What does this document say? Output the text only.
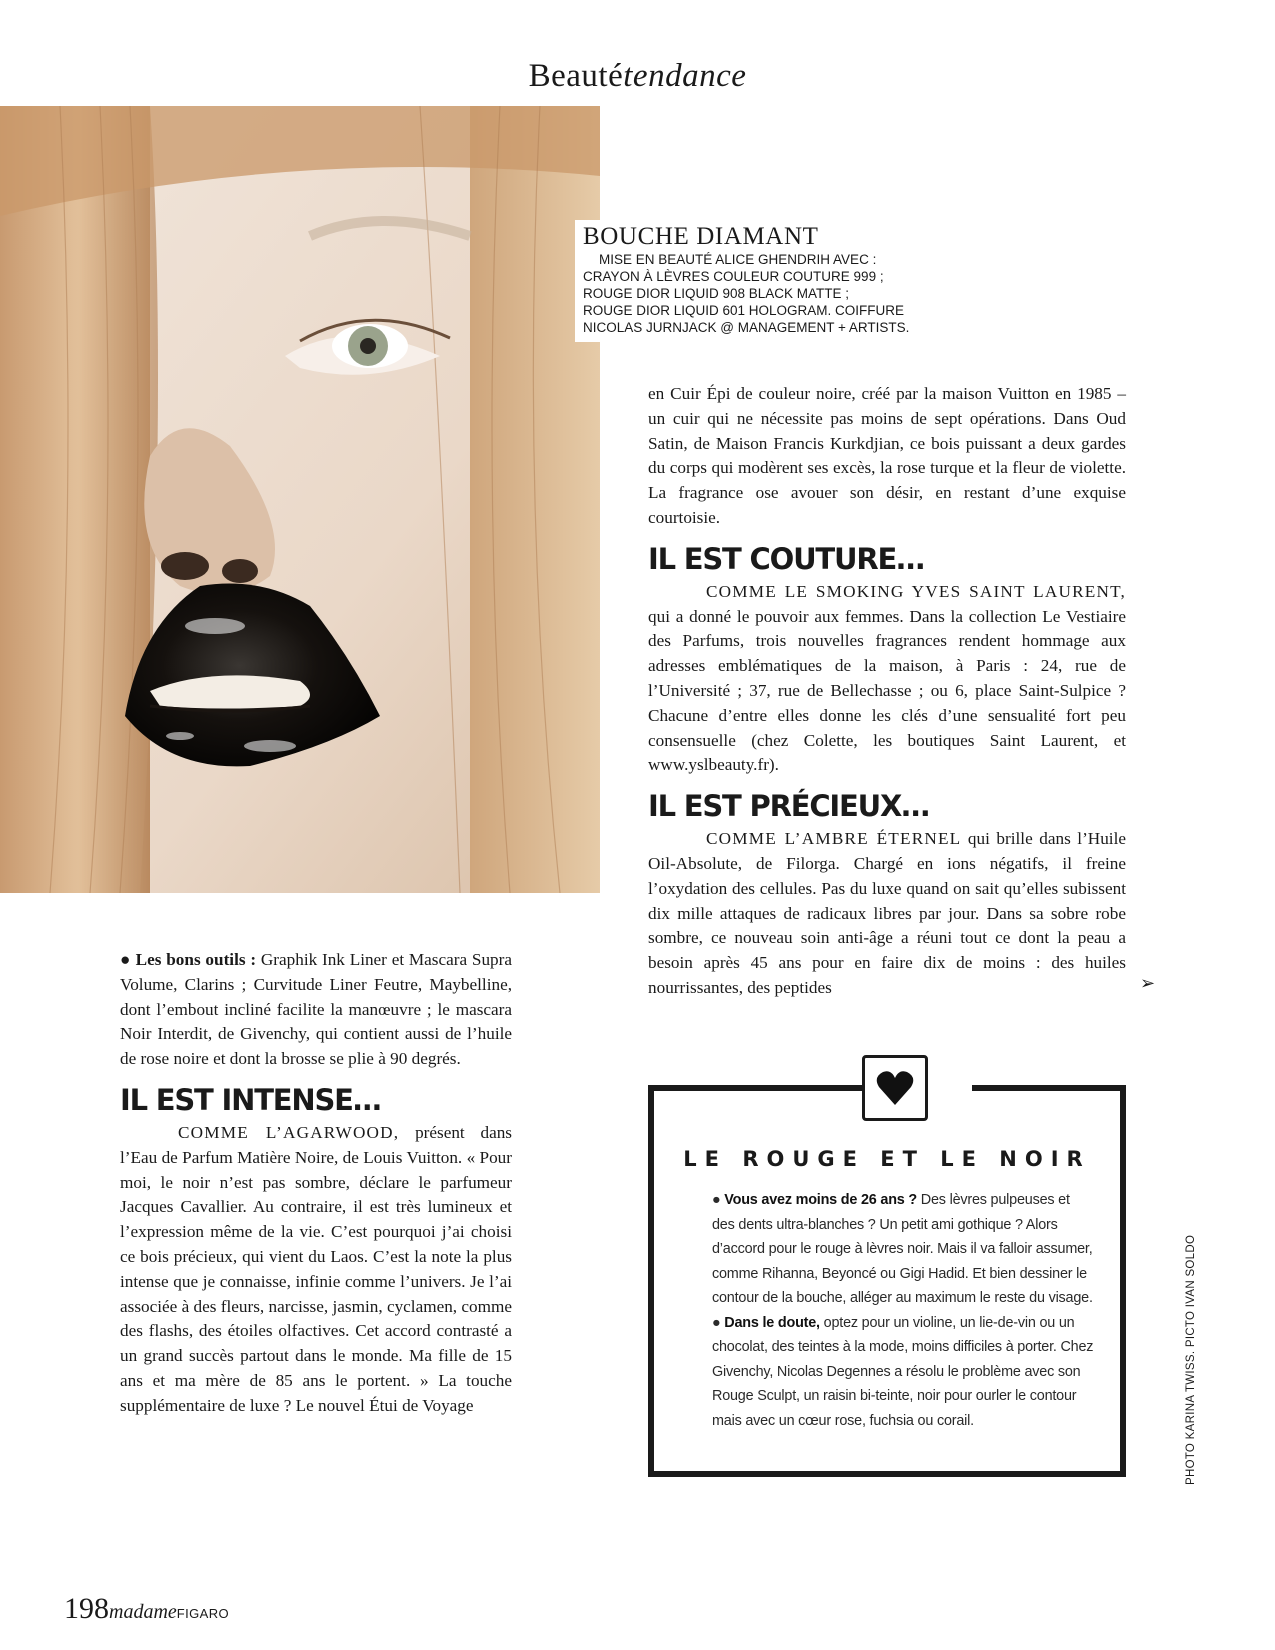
Beautétendance
BOUCHE DIAMANT
MISE EN BEAUTÉ ALICE GHENDRIH AVEC :
CRAYON À LÈVRES COULEUR COUTURE 999 ;
ROUGE DIOR LIQUID 908 BLACK MATTE ;
ROUGE DIOR LIQUID 601 HOLOGRAM. COIFFURE
NICOLAS JURNJACK @ MANAGEMENT + ARTISTS.

● Les bons outils : Graphik Ink Liner et Mascara Supra Volume, Clarins ; Curvitude Liner Feutre, Maybelline, dont l’embout incliné facilite la manœuvre ; le mascara Noir Interdit, de Givenchy, qui contient aussi de l’huile de rose noire et dont la brosse se plie à 90 degrés.

IL EST INTENSE…

COMME L’AGARWOOD, présent dans l’Eau de Parfum Matière Noire, de Louis Vuitton. « Pour moi, le noir n’est pas sombre, déclare le parfumeur Jacques Cavallier. Au contraire, il est très lumineux et l’expression même de la vie. C’est pourquoi j’ai choisi ce bois précieux, qui vient du Laos. C’est la note la plus intense que je connaisse, infinie comme l’univers. Je l’ai associée à des fleurs, narcisse, jasmin, cyclamen, comme des flashs, des étoiles olfactives. Cet accord contrasté a un grand succès partout dans le monde. Ma fille de 15 ans et ma mère de 85 ans le portent. » La touche supplémentaire de luxe ? Le nouvel Étui de Voyage

en Cuir Épi de couleur noire, créé par la maison Vuitton en 1985 – un cuir qui ne nécessite pas moins de sept opérations. Dans Oud Satin, de Maison Francis Kurkdjian, ce bois puissant a deux gardes du corps qui modèrent ses excès, la rose turque et la fleur de violette. La fragrance ose avouer son désir, en restant d’une exquise courtoisie.

IL EST COUTURE…

COMME LE SMOKING YVES SAINT LAURENT, qui a donné le pouvoir aux femmes. Dans la collection Le Vestiaire des Parfums, trois nouvelles fragrances rendent hommage aux adresses emblématiques de la maison, à Paris : 24, rue de l’Université ; 37, rue de Bellechasse ; ou 6, place Saint-Sulpice ? Chacune d’entre elles donne les clés d’une sensualité fort peu consensuelle (chez Colette, les boutiques Saint Laurent, et www.yslbeauty.fr).

IL EST PRÉCIEUX…

COMME L’AMBRE ÉTERNEL qui brille dans l’Huile Oil-Absolute, de Filorga. Chargé en ions négatifs, il freine l’oxydation des cellules. Pas du luxe quand on sait qu’elles subissent dix mille attaques de radicaux libres par jour. Dans sa sobre robe sombre, ce nouveau soin anti-âge a réuni tout ce dont la peau a besoin après 45 ans pour en faire dix de moins : des huiles nourrissantes, des peptides	➢
LE ROUGE ET LE NOIR
● Vous avez moins de 26 ans ? Des lèvres pulpeuses et des dents ultra-blanches ? Un petit ami gothique ? Alors d’accord pour le rouge à lèvres noir. Mais il va falloir assumer, comme Rihanna, Beyoncé ou Gigi Hadid. Et bien dessiner le contour de la bouche, alléger au maximum le reste du visage.
● Dans le doute, optez pour un violine, un lie-de-vin ou un chocolat, des teintes à la mode, moins difficiles à porter. Chez Givenchy, Nicolas Degennes a résolu le problème avec son Rouge Sculpt, un raisin bi-teinte, noir pour ourler le contour mais avec un cœur rose, fuchsia ou corail.	PHOTO KARINA TWISS. PICTO IVAN SOLDO
198madameFIGARO
